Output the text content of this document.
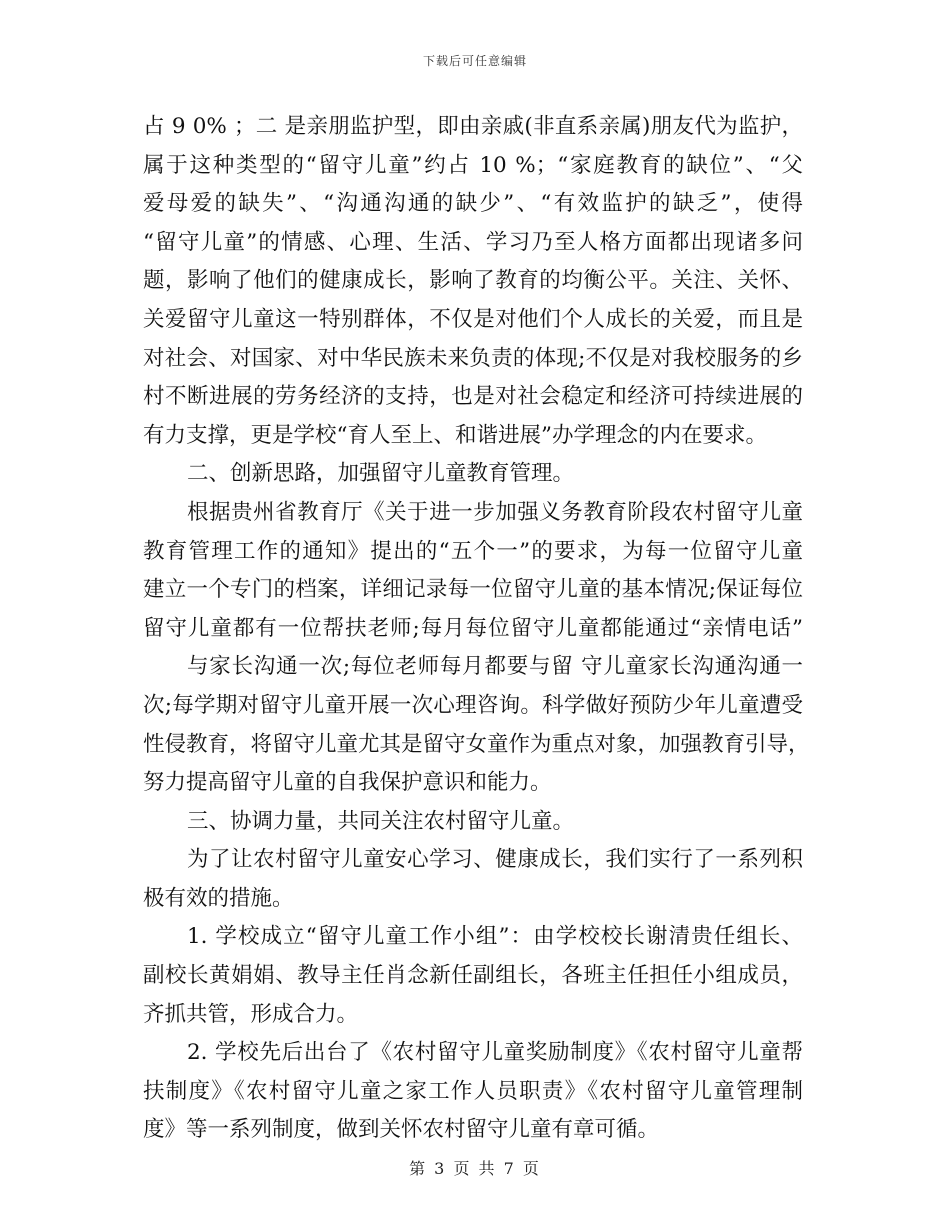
下载后可任意编辑

占 9 0% ；二 是亲朋监护型，即由亲戚(非直系亲属)朋友代为监护，
属于这种类型的“留守儿童”约占 10 %；“家庭教育的缺位”、“父
爱母爱的缺失”、“沟通沟通的缺少”、“有效监护的缺乏”，使得
“留守儿童”的情感、心理、生活、学习乃至人格方面都出现诸多问
题，影响了他们的健康成长，影响了教育的均衡公平。关注、关怀、
关爱留守儿童这一特别群体，不仅是对他们个人成长的关爱，而且是
对社会、对国家、对中华民族未来负责的体现;不仅是对我校服务的乡
村不断进展的劳务经济的支持，也是对社会稳定和经济可持续进展的
有力支撑，更是学校“育人至上、和谐进展”办学理念的内在要求。

二、创新思路，加强留守儿童教育管理。

根据贵州省教育厅《关于进一步加强义务教育阶段农村留守儿童
教育管理工作的通知》提出的“五个一”的要求，为每一位留守儿童
建立一个专门的档案，详细记录每一位留守儿童的基本情况;保证每位
留守儿童都有一位帮扶老师;每月每位留守儿童都能通过“亲情电话”

与家长沟通一次;每位老师每月都要与留 守儿童家长沟通沟通一
次;每学期对留守儿童开展一次心理咨询。科学做好预防少年儿童遭受
性侵教育，将留守儿童尤其是留守女童作为重点对象，加强教育引导，
努力提高留守儿童的自我保护意识和能力。

三、协调力量，共同关注农村留守儿童。

为了让农村留守儿童安心学习、健康成长，我们实行了一系列积
极有效的措施。

1. 学校成立“留守儿童工作小组”：由学校校长谢清贵任组长、
副校长黄娟娟、教导主任肖念新任副组长，各班主任担任小组成员，
齐抓共管，形成合力。

2. 学校先后出台了《农村留守儿童奖励制度》《农村留守儿童帮
扶制度》《农村留守儿童之家工作人员职责》《农村留守儿童管理制
度》等一系列制度，做到关怀农村留守儿童有章可循。

第 3 页 共 7 页
